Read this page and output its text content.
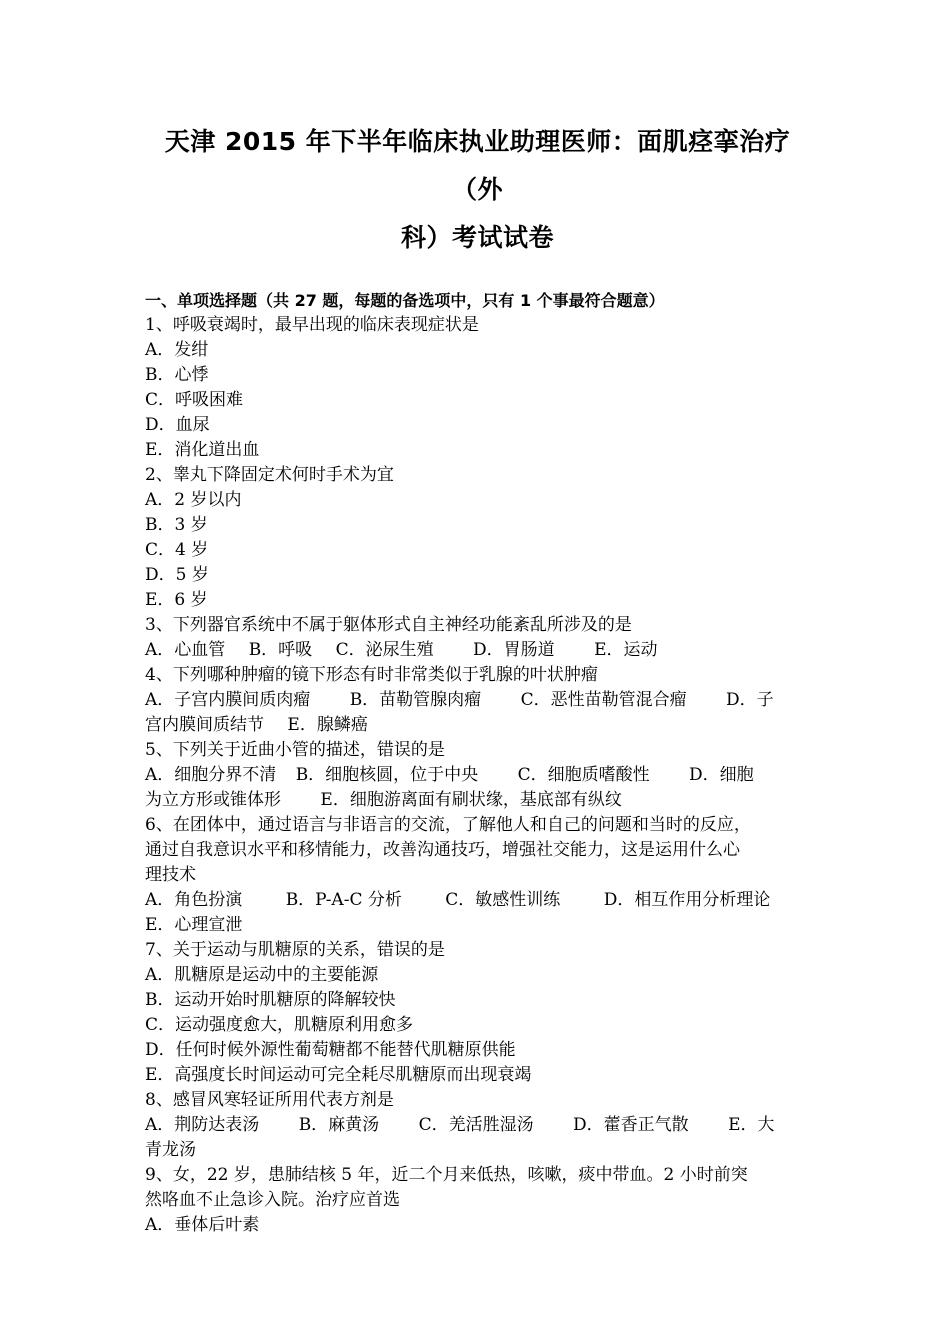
天津 2015 年下半年临床执业助理医师：面肌痉挛治疗（外
科）考试试卷
一、单项选择题（共 27 题，每题的备选项中，只有 1 个事最符合题意）
1、呼吸衰竭时，最早出现的临床表现症状是
A．发绀
B．心悸
C．呼吸困难
D．血尿
E．消化道出血
2、睾丸下降固定术何时手术为宜
A．2 岁以内
B．3 岁
C．4 岁
D．5 岁
E．6 岁
3、下列器官系统中不属于躯体形式自主神经功能紊乱所涉及的是
A．心血管 B．呼吸 C．泌尿生殖 D．胃肠道 E．运动
4、下列哪种肿瘤的镜下形态有时非常类似于乳腺的叶状肿瘤
A．子宫内膜间质肉瘤 B．苗勒管腺肉瘤 C．恶性苗勒管混合瘤 D．子
宫内膜间质结节 E．腺鳞癌
5、下列关于近曲小管的描述，错误的是
A．细胞分界不清 B．细胞核圆，位于中央 C．细胞质嗜酸性 D．细胞
为立方形或锥体形 E．细胞游离面有刷状缘，基底部有纵纹
6、在团体中，通过语言与非语言的交流，了解他人和自己的问题和当时的反应，
通过自我意识水平和移情能力，改善沟通技巧，增强社交能力，这是运用什么心
理技术
A．角色扮演	B．P-A-C 分析	C．敏感性训练	D．相互作用分析理论
E．心理宣泄
7、关于运动与肌糖原的关系，错误的是
A．肌糖原是运动中的主要能源
B．运动开始时肌糖原的降解较快
C．运动强度愈大，肌糖原利用愈多
D．任何时候外源性葡萄糖都不能替代肌糖原供能
E．高强度长时间运动可完全耗尽肌糖原而出现衰竭
8、感冒风寒轻证所用代表方剂是
A．荆防达表汤 B．麻黄汤 C．羌活胜湿汤 D．藿香正气散 E．大
青龙汤
9、女，22 岁，患肺结核 5 年，近二个月来低热，咳嗽，痰中带血。2 小时前突
然咯血不止急诊入院。治疗应首选
A．垂体后叶素
